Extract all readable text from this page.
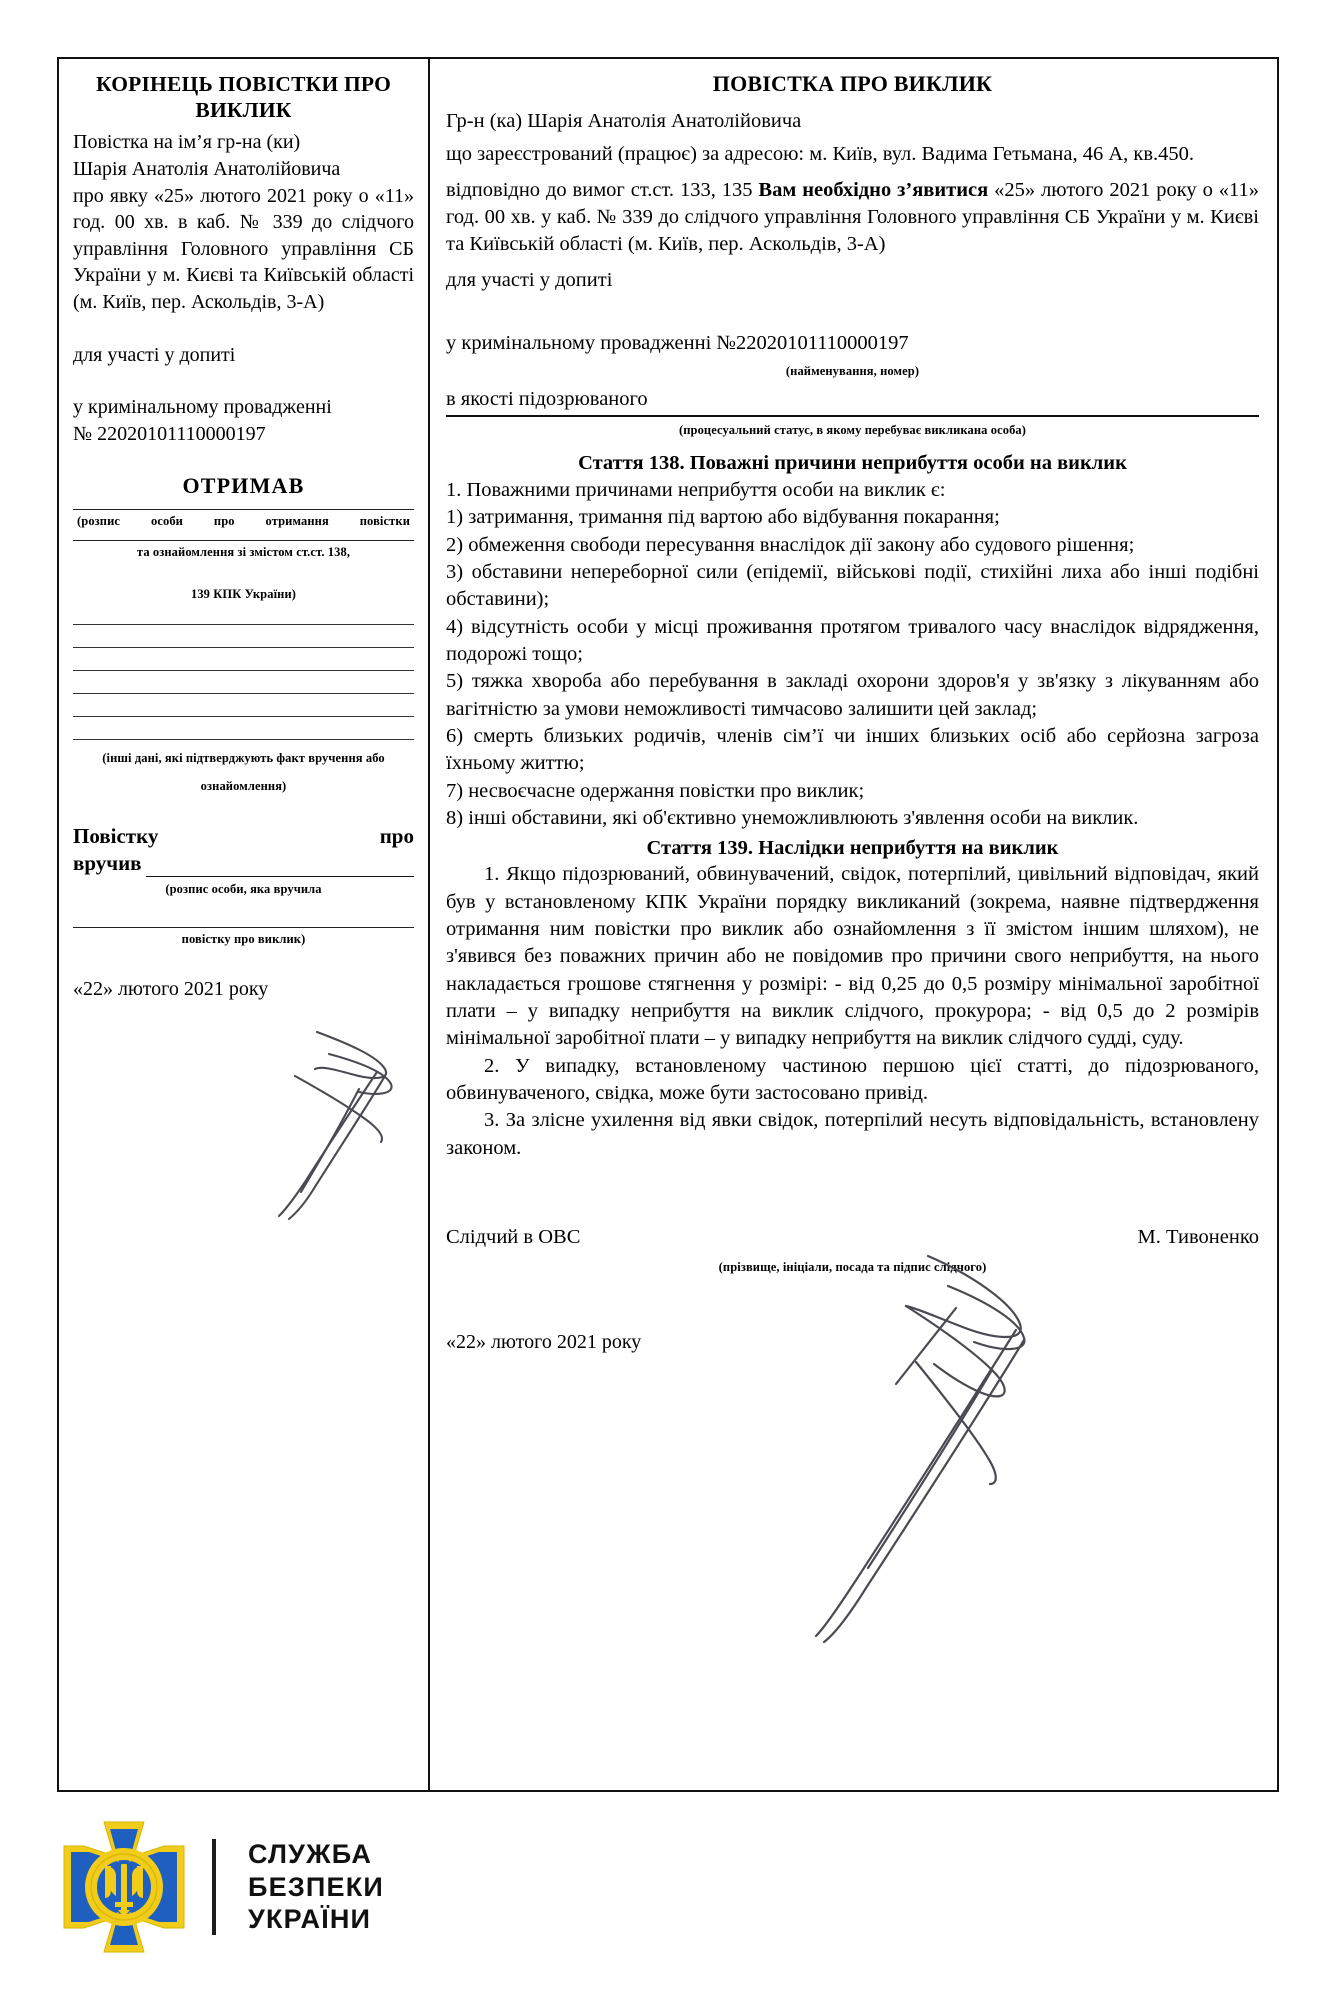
КОРІНЕЦЬ ПОВІСТКИ ПРО ВИКЛИК

Повістка на ім’я гр-на (ки)

Шарія Анатолія Анатолійовича

про явку «25» лютого 2021 року о «11» год. 00 хв. в каб. № 339 до слідчого управління Головного управління СБ України у м. Києві та Київській області (м. Київ, пер. Аскольдів, 3-А)

для участі у допиті

у кримінальному провадженні

№ 22020101110000197

ОТРИМАВ
(розпис особи про отримання повістки
та ознайомлення зі змістом ст.ст. 138,
139 КПК України)
(інші дані, які підтверджують факт вручення або
ознайомлення)
Повістку про
вручив
(розпис особи, яка вручила
повістку про виклик)
«22» лютого 2021 року
ПОВІСТКА ПРО ВИКЛИК

Гр-н (ка) Шарія Анатолія Анатолійовича

що зареєстрований (працює) за адресою: м. Київ, вул. Вадима Гетьмана, 46 А, кв.450.

відповідно до вимог ст.ст. 133, 135 Вам необхідно з’явитися «25» лютого 2021 року о «11» год. 00 хв. у каб. № 339 до слідчого управління Головного управління СБ України у м. Києві та Київській області (м. Київ, пер. Аскольдів, 3-А)

для участі у допиті

у кримінальному провадженні №22020101110000197

(найменування, номер)

в якості підозрюваного

(процесуальний статус, в якому перебуває викликана особа)
Стаття 138. Поважні причини неприбуття особи на виклик

1. Поважними причинами неприбуття особи на виклик є:

1) затримання, тримання під вартою або відбування покарання;

2) обмеження свободи пересування внаслідок дії закону або судового рішення;

3) обставини непереборної сили (епідемії, військові події, стихійні лиха або інші подібні обставини);

4) відсутність особи у місці проживання протягом тривалого часу внаслідок відрядження, подорожі тощо;

5) тяжка хвороба або перебування в закладі охорони здоров'я у зв'язку з лікуванням або вагітністю за умови неможливості тимчасово залишити цей заклад;

6) смерть близьких родичів, членів сім’ї чи інших близьких осіб або серйозна загроза їхньому життю;

7) несвоєчасне одержання повістки про виклик;

8) інші обставини, які об'єктивно унеможливлюють з'явлення особи на виклик.

Стаття 139. Наслідки неприбуття на виклик

1. Якщо підозрюваний, обвинувачений, свідок, потерпілий, цивільний відповідач, який був у встановленому КПК України порядку викликаний (зокрема, наявне підтвердження отримання ним повістки про виклик або ознайомлення з її змістом іншим шляхом), не з'явився без поважних причин або не повідомив про причини свого неприбуття, на нього накладається грошове стягнення у розмірі: - від 0,25 до 0,5 розміру мінімальної заробітної плати – у випадку неприбуття на виклик слідчого, прокурора; - від 0,5 до 2 розмірів мінімальної заробітної плати – у випадку неприбуття на виклик слідчого судді, суду.

2. У випадку, встановленому частиною першою цієї статті, до підозрюваного, обвинуваченого, свідка, може бути застосовано привід.

3. За злісне ухилення від явки свідок, потерпілий несуть відповідальність, встановлену законом.

Слідчий в ОВС	М. Тивоненко
(прізвище, ініціали, посада та підпис слідчого)
«22» лютого 2021 року
СЛУЖБА
БЕЗПЕКИ
УКРАЇНИ
